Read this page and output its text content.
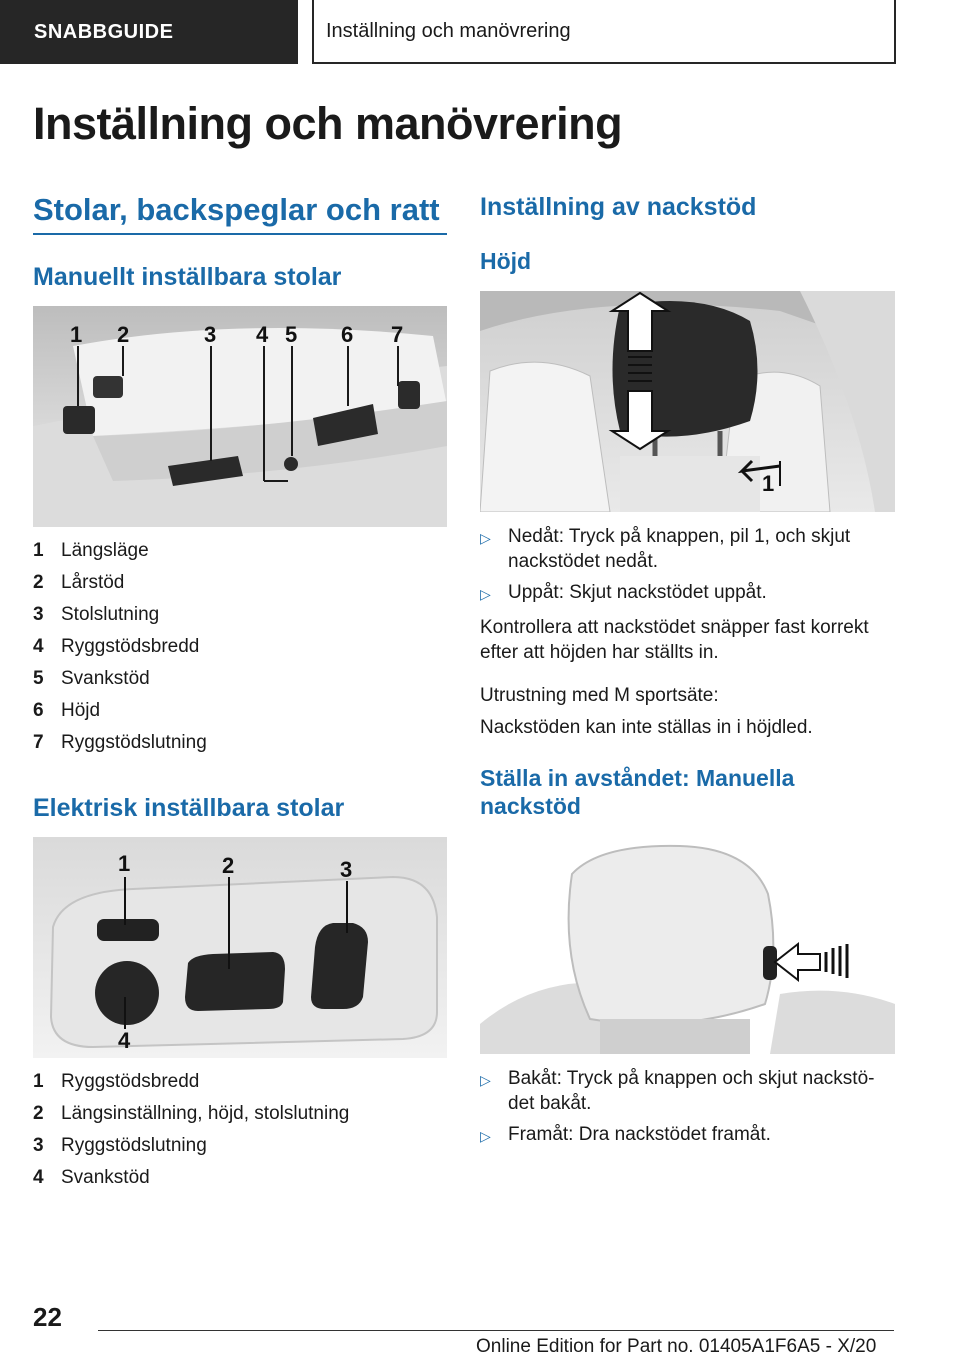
SNABBGUIDE	Inställning och manövrering
Inställning och manövrering
Stolar, backspeglar och ratt
Manuellt inställbara stolar
1 2	3 4 5 6 7
1 Längsläge
2 Lårstöd
3 Stolslutning
4 Ryggstödsbredd
5 Svankstöd
6 Höjd
7 Ryggstödslutning
Elektrisk inställbara stolar
1	2	3
4
1 Ryggstödsbredd
2 Längsinställning, höjd, stolslutning
3 Ryggstödslutning
4 Svankstöd
Inställning av nackstöd
Höjd
1
▷ Nedåt: Tryck på knappen, pil 1, och skjut
nackstödet nedåt.
▷ Uppåt: Skjut nackstödet uppåt.
Kontrollera att nackstödet snäpper fast korrekt
efter att höjden har ställts in.
Utrustning med M sportsäte:
Nackstöden kan inte ställas in i höjdled.
Ställa in avståndet: Manuella
nackstöd
▷ Bakåt: Tryck på knappen och skjut nackstö-
det bakåt.
▷ Framåt: Dra nackstödet framåt.
22
Online Edition for Part no. 01405A1F6A5 - X/20
